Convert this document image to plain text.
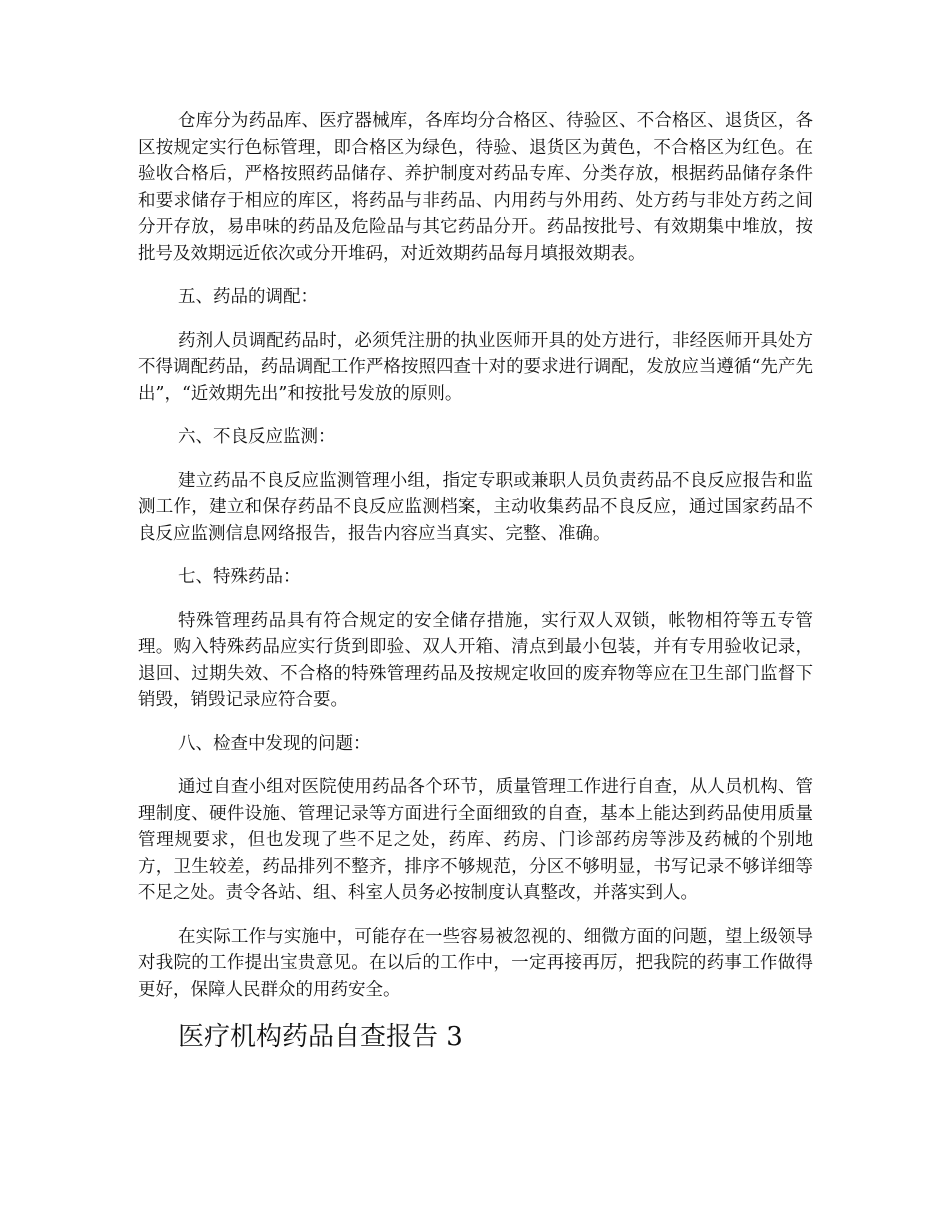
仓库分为药品库、医疗器械库，各库均分合格区、待验区、不合格区、退货区，各区按规定实行色标管理，即合格区为绿色，待验、退货区为黄色，不合格区为红色。在验收合格后，严格按照药品储存、养护制度对药品专库、分类存放，根据药品储存条件和要求储存于相应的库区，将药品与非药品、内用药与外用药、处方药与非处方药之间分开存放，易串味的药品及危险品与其它药品分开。药品按批号、有效期集中堆放，按批号及效期远近依次或分开堆码，对近效期药品每月填报效期表。

五、药品的调配：

药剂人员调配药品时，必须凭注册的执业医师开具的处方进行，非经医师开具处方不得调配药品，药品调配工作严格按照四查十对的要求进行调配，发放应当遵循“先产先出”，“近效期先出”和按批号发放的原则。

六、不良反应监测：

建立药品不良反应监测管理小组，指定专职或兼职人员负责药品不良反应报告和监测工作，建立和保存药品不良反应监测档案，主动收集药品不良反应，通过国家药品不良反应监测信息网络报告，报告内容应当真实、完整、准确。

七、特殊药品：

特殊管理药品具有符合规定的安全储存措施，实行双人双锁，帐物相符等五专管理。购入特殊药品应实行货到即验、双人开箱、清点到最小包装，并有专用验收记录，退回、过期失效、不合格的特殊管理药品及按规定收回的废弃物等应在卫生部门监督下销毁，销毁记录应符合要。

八、检查中发现的问题：

通过自查小组对医院使用药品各个环节，质量管理工作进行自查，从人员机构、管理制度、硬件设施、管理记录等方面进行全面细致的自查，基本上能达到药品使用质量管理规要求，但也发现了些不足之处，药库、药房、门诊部药房等涉及药械的个别地方，卫生较差，药品排列不整齐，排序不够规范，分区不够明显，书写记录不够详细等不足之处。责令各站、组、科室人员务必按制度认真整改，并落实到人。

在实际工作与实施中，可能存在一些容易被忽视的、细微方面的问题，望上级领导对我院的工作提出宝贵意见。在以后的工作中，一定再接再厉，把我院的药事工作做得更好，保障人民群众的用药安全。

医疗机构药品自查报告 3
